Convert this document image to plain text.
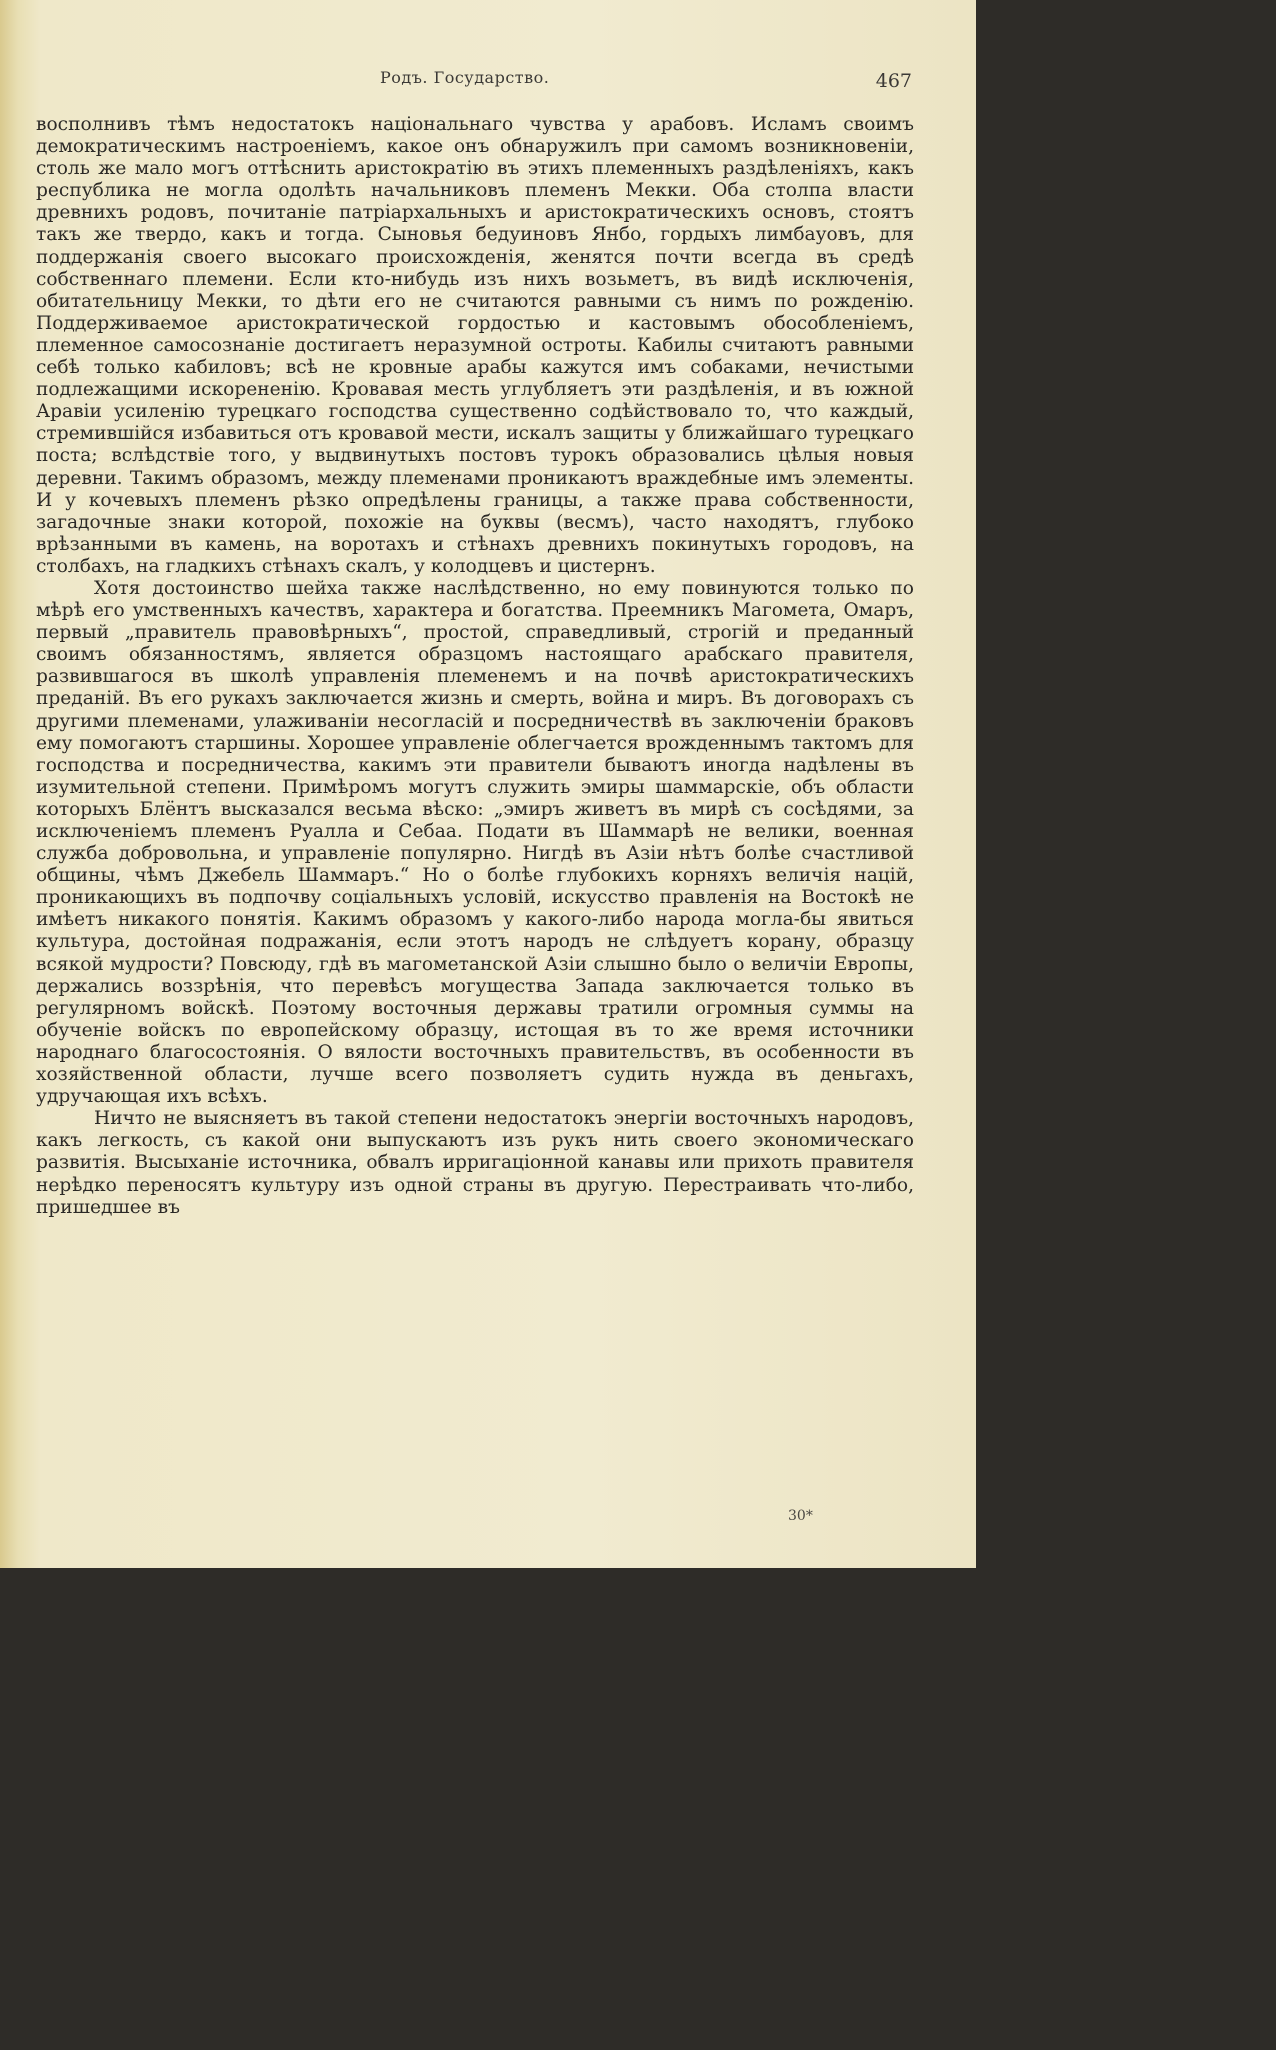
Родъ. Государство.	467

восполнивъ тѣмъ недостатокъ національнаго чувства у арабовъ. Исламъ своимъ демократическимъ настроеніемъ, какое онъ обнаружилъ при самомъ возникновеніи, столь же мало могъ оттѣснить аристократію въ этихъ племенныхъ раздѣленіяхъ, какъ республика не могла одолѣть начальниковъ племенъ Мекки. Оба столпа власти древнихъ родовъ, почитаніе патріархальныхъ и аристократическихъ основъ, стоятъ такъ же твердо, какъ и тогда. Сыновья бедуиновъ Янбо, гордыхъ лимбауовъ, для поддержанія своего высокаго происхожденія, женятся почти всегда въ средѣ собственнаго племени. Если кто-нибудь изъ нихъ возьметъ, въ видѣ исключенія, обитательницу Мекки, то дѣти его не считаются равными съ нимъ по рожденію. Поддерживаемое аристократической гордостью и кастовымъ обособленіемъ, племенное самосознаніе достигаетъ неразумной остроты. Кабилы считаютъ равными себѣ только кабиловъ; всѣ не кровные арабы кажутся имъ собаками, нечистыми подлежащими искорененію. Кровавая месть углубляетъ эти раздѣленія, и въ южной Аравіи усиленію турецкаго господства существенно содѣйствовало то, что каждый, стремившійся избавиться отъ кровавой мести, искалъ защиты у ближайшаго турецкаго поста; вслѣдствіе того, у выдвинутыхъ постовъ турокъ образовались цѣлыя новыя деревни. Такимъ образомъ, между племенами проникаютъ враждебные имъ элементы. И у кочевыхъ племенъ рѣзко опредѣлены границы, а также права собственности, загадочные знаки которой, похожіе на буквы (весмъ), часто находятъ, глубоко врѣзанными въ камень, на воротахъ и стѣнахъ древнихъ покинутыхъ городовъ, на столбахъ, на гладкихъ стѣнахъ скалъ, у колодцевъ и цистернъ.

Хотя достоинство шейха также наслѣдственно, но ему повинуются только по мѣрѣ его умственныхъ качествъ, характера и богатства. Преемникъ Магомета, Омаръ, первый „правитель правовѣрныхъ“, простой, справедливый, строгій и преданный своимъ обязанностямъ, является образцомъ настоящаго арабскаго правителя, развившагося въ школѣ управленія племенемъ и на почвѣ аристократическихъ преданій. Въ его рукахъ заключается жизнь и смерть, война и миръ. Въ договорахъ съ другими племенами, улаживаніи несогласій и посредничествѣ въ заключеніи браковъ ему помогаютъ старшины. Хорошее управленіе облегчается врожденнымъ тактомъ для господства и посредничества, какимъ эти правители бываютъ иногда надѣлены въ изумительной степени. Примѣромъ могутъ служить эмиры шаммарскіе, объ области которыхъ Блёнтъ высказался весьма вѣско: „эмиръ живетъ въ мирѣ съ сосѣдями, за исключеніемъ племенъ Руалла и Себаа. Подати въ Шаммарѣ не велики, военная служба добровольна, и управленіе популярно. Нигдѣ въ Азіи нѣтъ болѣе счастливой общины, чѣмъ Джебель Шаммаръ.“ Но о болѣе глубокихъ корняхъ величія націй, проникающихъ въ подпочву соціальныхъ условій, искусство правленія на Востокѣ не имѣетъ никакого понятія. Какимъ образомъ у какого-либо народа могла-бы явиться культура, достойная подражанія, если этотъ народъ не слѣдуетъ корану, образцу всякой мудрости? Повсюду, гдѣ въ магометанской Азіи слышно было о величіи Европы, держались воззрѣнія, что перевѣсъ могущества Запада заключается только въ регулярномъ войскѣ. Поэтому восточныя державы тратили огромныя суммы на обученіе войскъ по европейскому образцу, истощая въ то же время источники народнаго благосостоянія. О вялости восточныхъ правительствъ, въ особенности въ хозяйственной области, лучше всего позволяетъ судить нужда въ деньгахъ, удручающая ихъ всѣхъ.

Ничто не выясняетъ въ такой степени недостатокъ энергіи восточныхъ народовъ, какъ легкость, съ какой они выпускаютъ изъ рукъ нить своего экономическаго развитія. Высыханіе источника, обвалъ ирригаціонной канавы или прихоть правителя нерѣдко переносятъ культуру изъ одной страны въ другую. Перестраивать что-либо, пришедшее въ

30*
